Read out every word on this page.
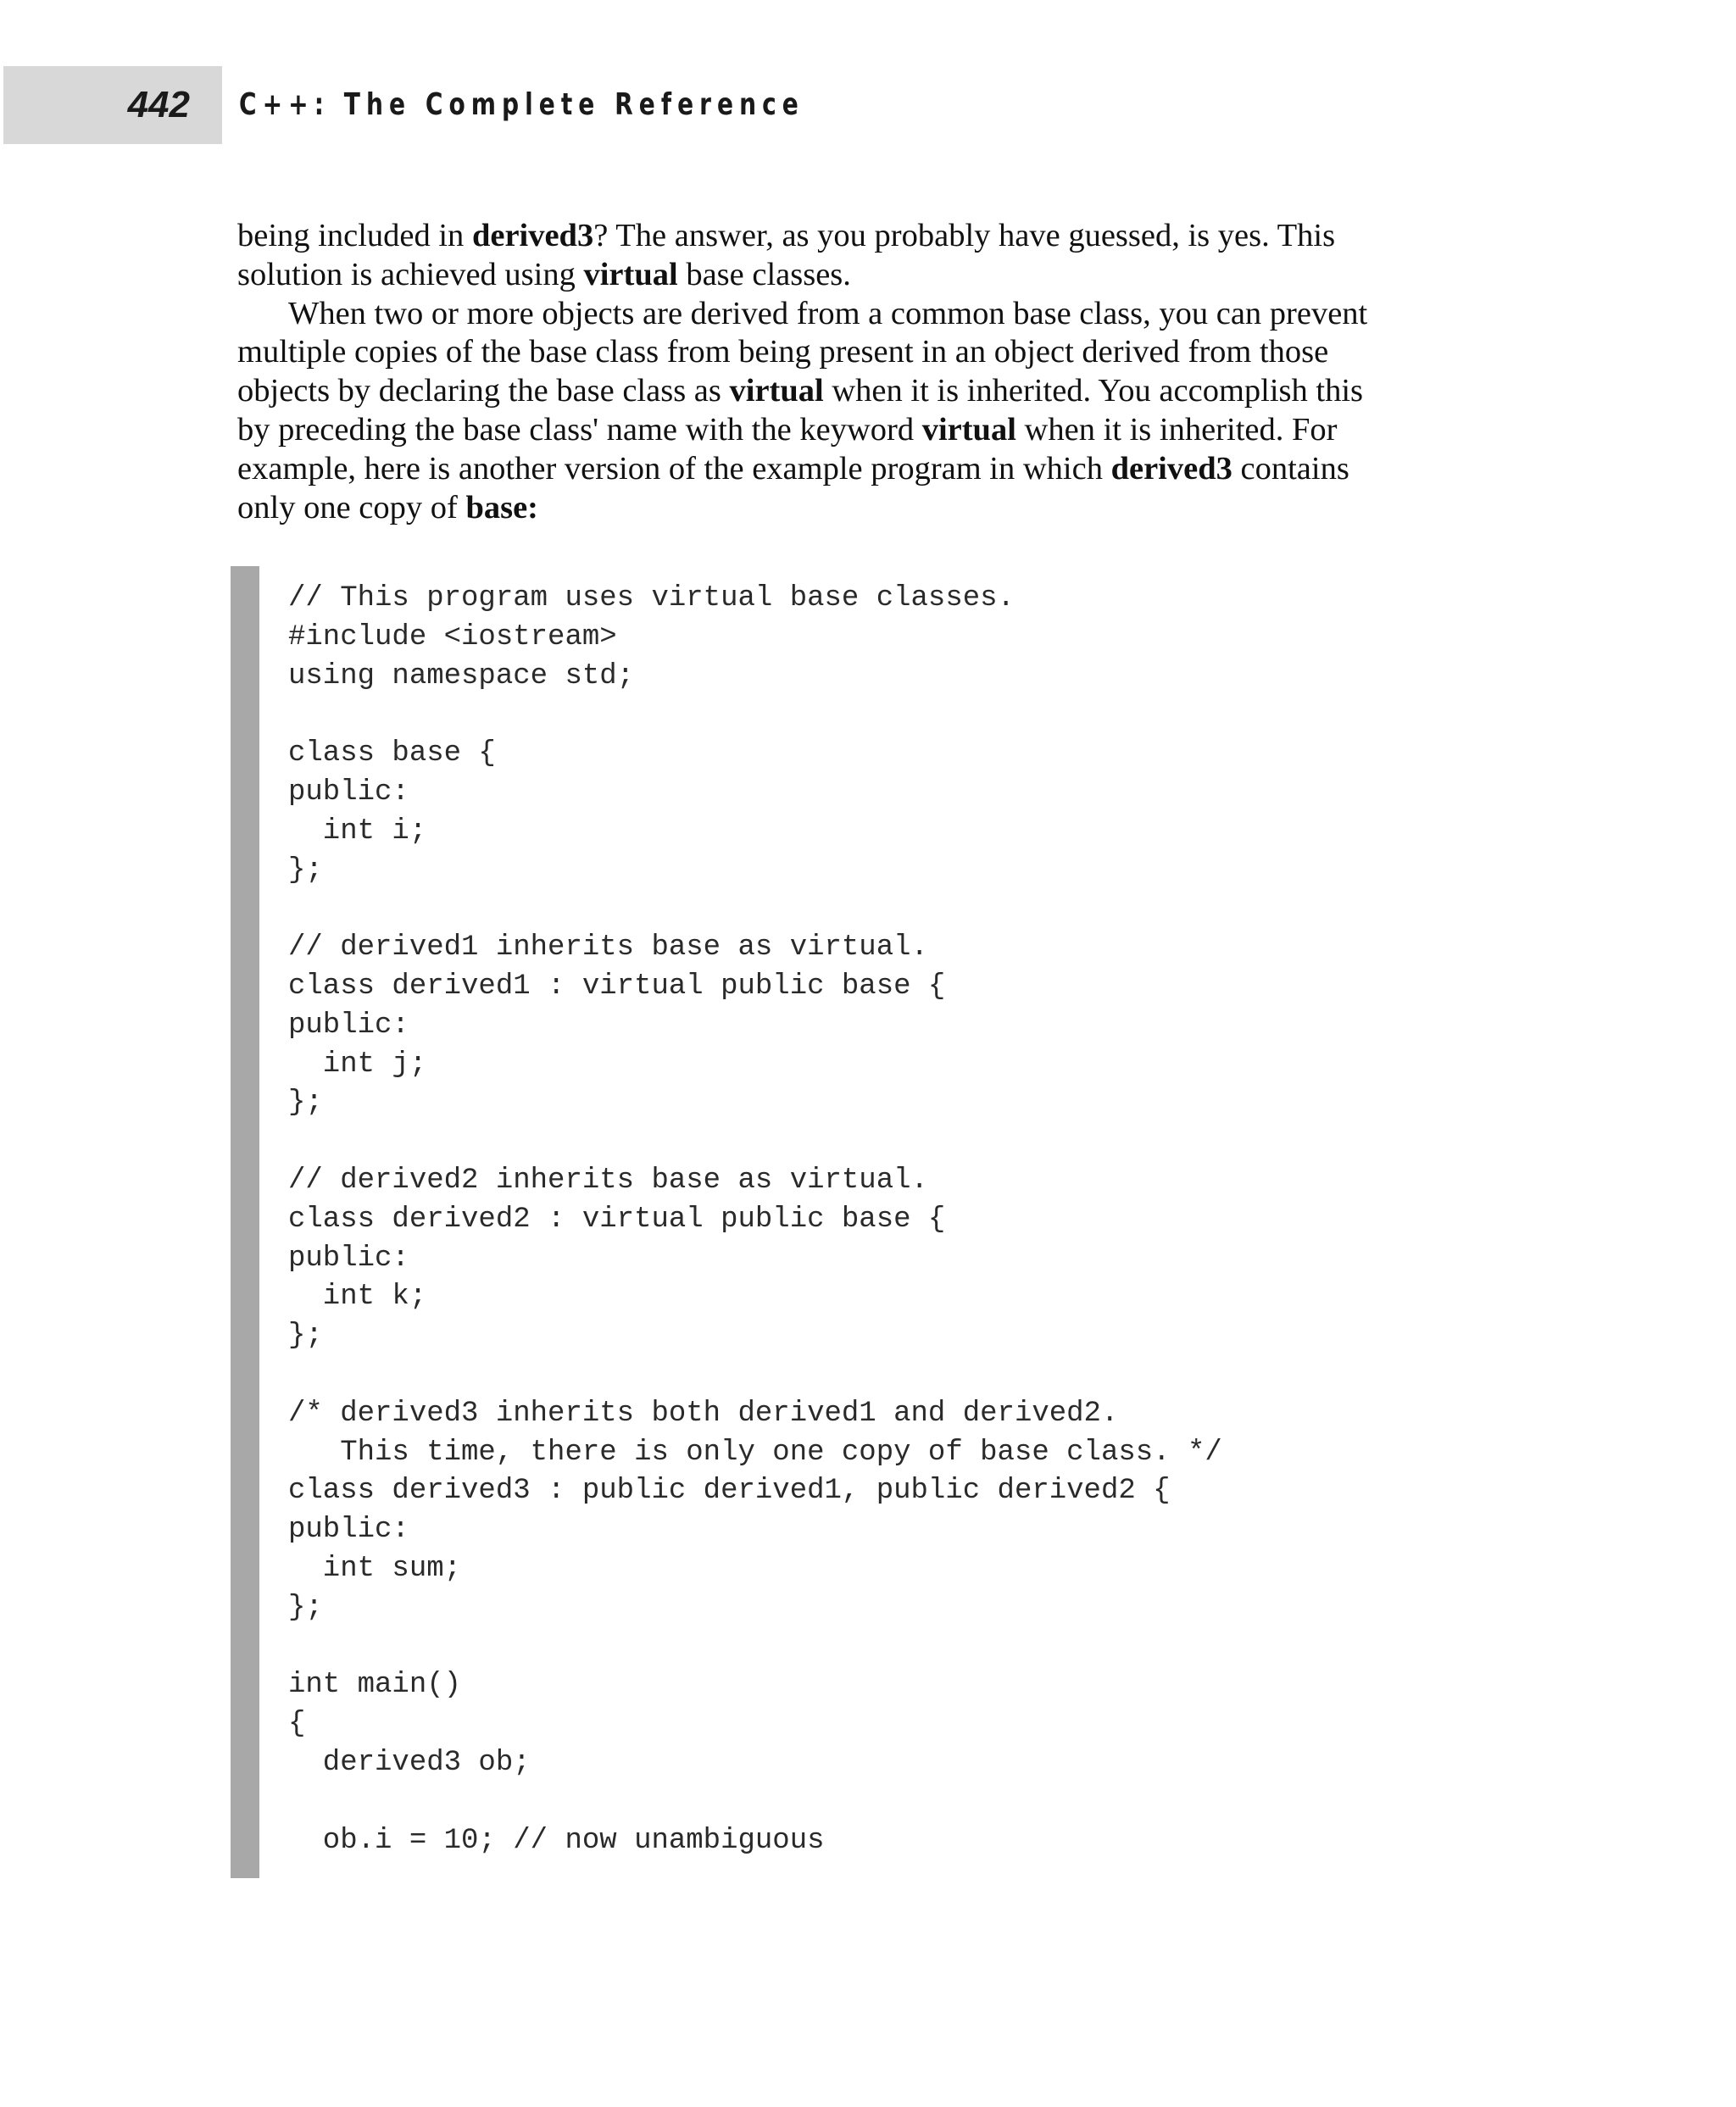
442 C++: The Complete Reference

being included in derived3? The answer, as you probably have guessed, is yes. This

solution is achieved using virtual base classes.

When two or more objects are derived from a common base class, you can prevent

multiple copies of the base class from being present in an object derived from those

objects by declaring the base class as virtual when it is inherited. You accomplish this

by preceding the base class' name with the keyword virtual when it is inherited. For

example, here is another version of the example program in which derived3 contains

only one copy of base:

// This program uses virtual base classes.
#include <iostream>
using namespace std;
class base {
public:
int i;
};
// derived1 inherits base as virtual.
class derived1 : virtual public base {
public:
int j;
};
// derived2 inherits base as virtual.
class derived2 : virtual public base {
public:
int k;
};
/* derived3 inherits both derived1 and derived2.
This time, there is only one copy of base class. */
class derived3 : public derived1, public derived2 {
public:
int sum;
};
int main()
{
derived3 ob;
ob.i = 10; // now unambiguous
